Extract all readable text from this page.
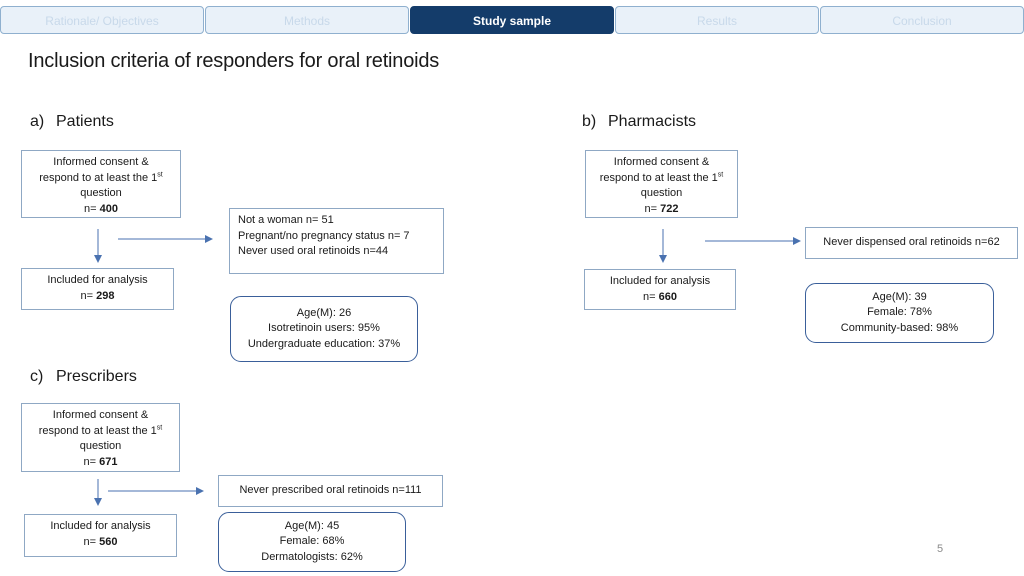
Rationale/ Objectives	Methods	Study sample	Results	Conclusion
Inclusion criteria of responders for oral retinoids
a) Patients
Informed consent &
respond to at least the 1st
question
n= 400
Not a woman n= 51
Pregnant/no pregnancy status n= 7
Never used oral retinoids n=44
Included for analysis
n= 298
Age(M): 26
Isotretinoin users: 95%
Undergraduate education: 37%
b) Pharmacists
Informed consent &
respond to at least the 1st
question
n= 722
Never dispensed oral retinoids n=62
Included for analysis
n= 660	Age(M): 39
Female: 78%
Community-based: 98%
c) Prescribers
Informed consent &
respond to at least the 1st
question
n= 671
Never prescribed oral retinoids n=111
Included for analysis
n= 560
Age(M): 45
Female: 68%
Dermatologists: 62%
5
